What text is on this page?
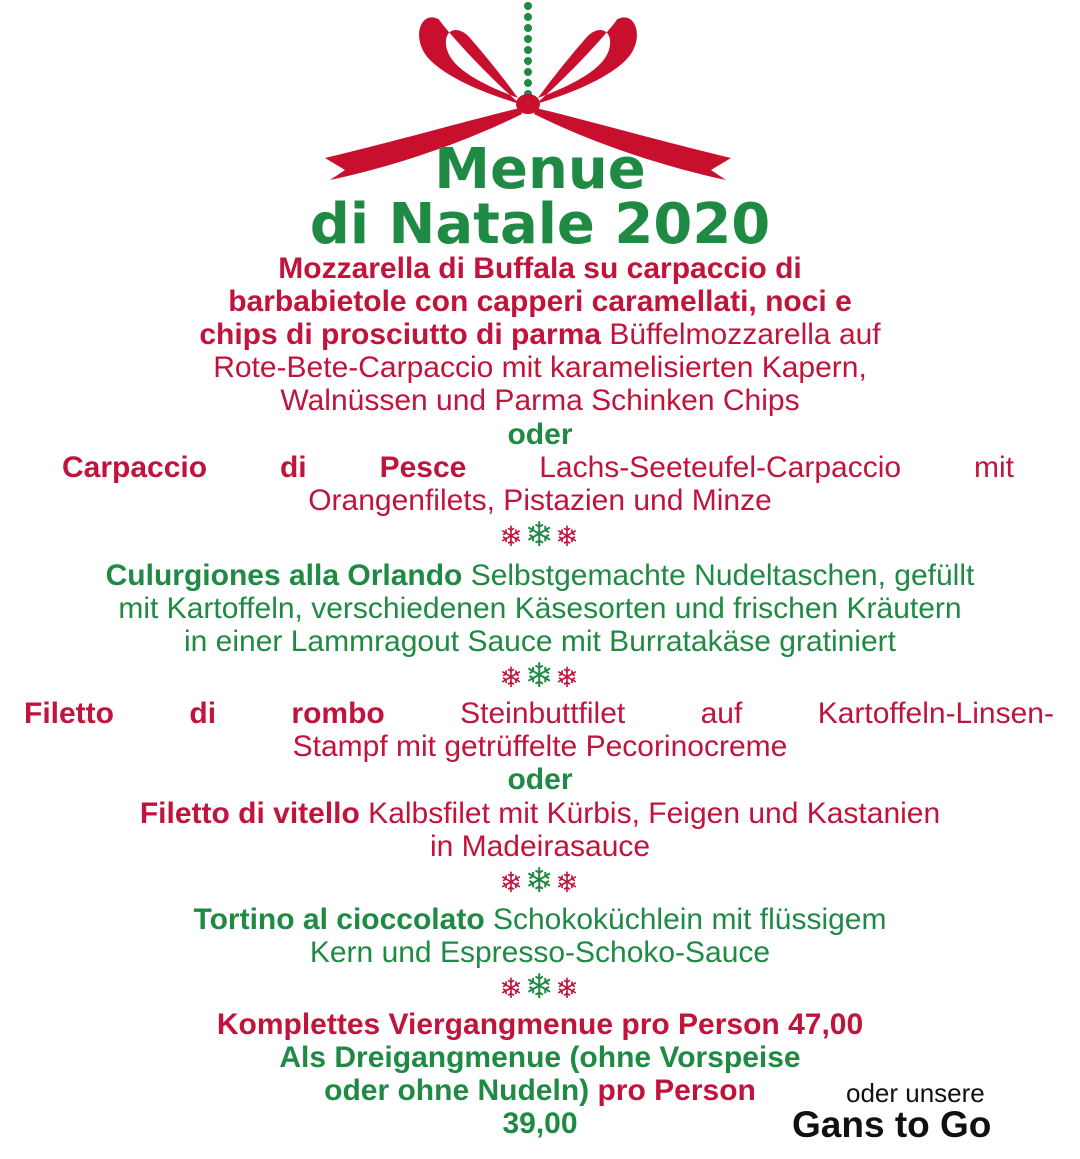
Menue
di Natale 2020
Mozzarella di Buffala su carpaccio di
barbabietole con capperi caramellati, noci e
chips di prosciutto di parma Büffelmozzarella auf
Rote-Bete-Carpaccio mit karamelisierten Kapern,
Walnüssen und Parma Schinken Chips
oder
Carpaccio di Pesce Lachs-Seeteufel-Carpaccio mit
Orangenfilets, Pistazien und Minze
❄❄❄
Culurgiones alla Orlando Selbstgemachte Nudeltaschen, gefüllt
mit Kartoffeln, verschiedenen Käsesorten und frischen Kräutern
in einer Lammragout Sauce mit Burratakäse gratiniert
❄❄❄
Filetto	di	rombo	Steinbuttfilet	auf	Kartoffeln-Linsen-
Stampf mit getrüffelte Pecorinocreme
oder
Filetto di vitello Kalbsfilet mit Kürbis, Feigen und Kastanien
in Madeirasauce
❄❄❄
Tortino al cioccolato Schokoküchlein mit flüssigem
Kern und Espresso-Schoko-Sauce
❄❄❄
Komplettes Viergangmenue pro Person 47,00
Als Dreigangmenue (ohne Vorspeise
oder ohne Nudeln) pro Person
39,00
oder unsere
Gans to Go
